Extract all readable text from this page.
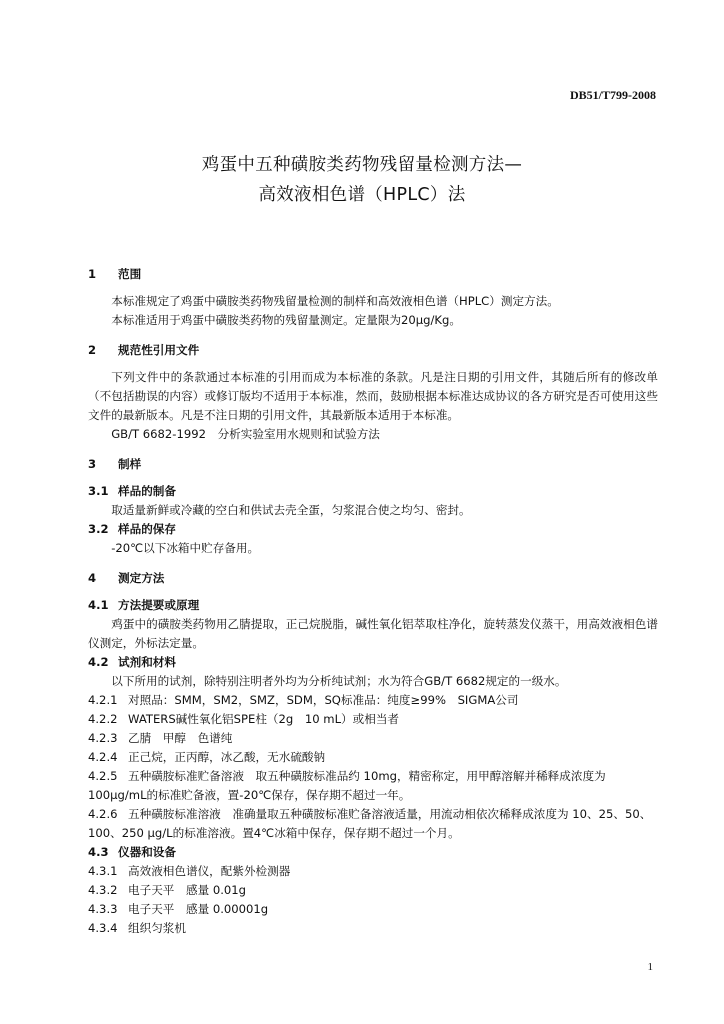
DB51/T799-2008
鸡蛋中五种磺胺类药物残留量检测方法—
高效液相色谱（HPLC）法
1 范围
本标准规定了鸡蛋中磺胺类药物残留量检测的制样和高效液相色谱（HPLC）测定方法。
本标准适用于鸡蛋中磺胺类药物的残留量测定。定量限为20μg/Kg。
2 规范性引用文件
下列文件中的条款通过本标准的引用而成为本标准的条款。凡是注日期的引用文件，其随后所有的修改单（不包括勘误的内容）或修订版均不适用于本标准，然而，鼓励根据本标准达成协议的各方研究是否可使用这些文件的最新版本。凡是不注日期的引用文件，其最新版本适用于本标准。
GB/T 6682-1992　分析实验室用水规则和试验方法
3 制样
3.1 样品的制备
取适量新鲜或冷藏的空白和供试去壳全蛋，匀浆混合使之均匀、密封。
3.2 样品的保存
-20℃以下冰箱中贮存备用。
4 测定方法
4.1 方法提要或原理
鸡蛋中的磺胺类药物用乙腈提取，正己烷脱脂，碱性氧化铝萃取柱净化，旋转蒸发仪蒸干，用高效液相色谱仪测定，外标法定量。
4.2 试剂和材料
以下所用的试剂，除特别注明者外均为分析纯试剂；水为符合GB/T 6682规定的一级水。
4.2.1 对照品：SMM，SM2，SMZ，SDM，SQ标准品：纯度≥99%　SIGMA公司
4.2.2 WATERS碱性氧化铝SPE柱（2g　10 mL）或相当者
4.2.3 乙腈　甲醇　色谱纯
4.2.4 正己烷，正丙醇，冰乙酸，无水硫酸钠
4.2.5 五种磺胺标准贮备溶液　取五种磺胺标准品约 10mg，精密称定，用甲醇溶解并稀释成浓度为100μg/mL的标准贮备液，置-20℃保存，保存期不超过一年。
4.2.6 五种磺胺标准溶液　准确量取五种磺胺标准贮备溶液适量，用流动相依次稀释成浓度为 10、25、50、100、250 μg/L的标准溶液。置4℃冰箱中保存，保存期不超过一个月。
4.3 仪器和设备
4.3.1 高效液相色谱仪，配紫外检测器
4.3.2 电子天平　感量 0.01g
4.3.3 电子天平　感量 0.00001g
4.3.4 组织匀浆机
1
